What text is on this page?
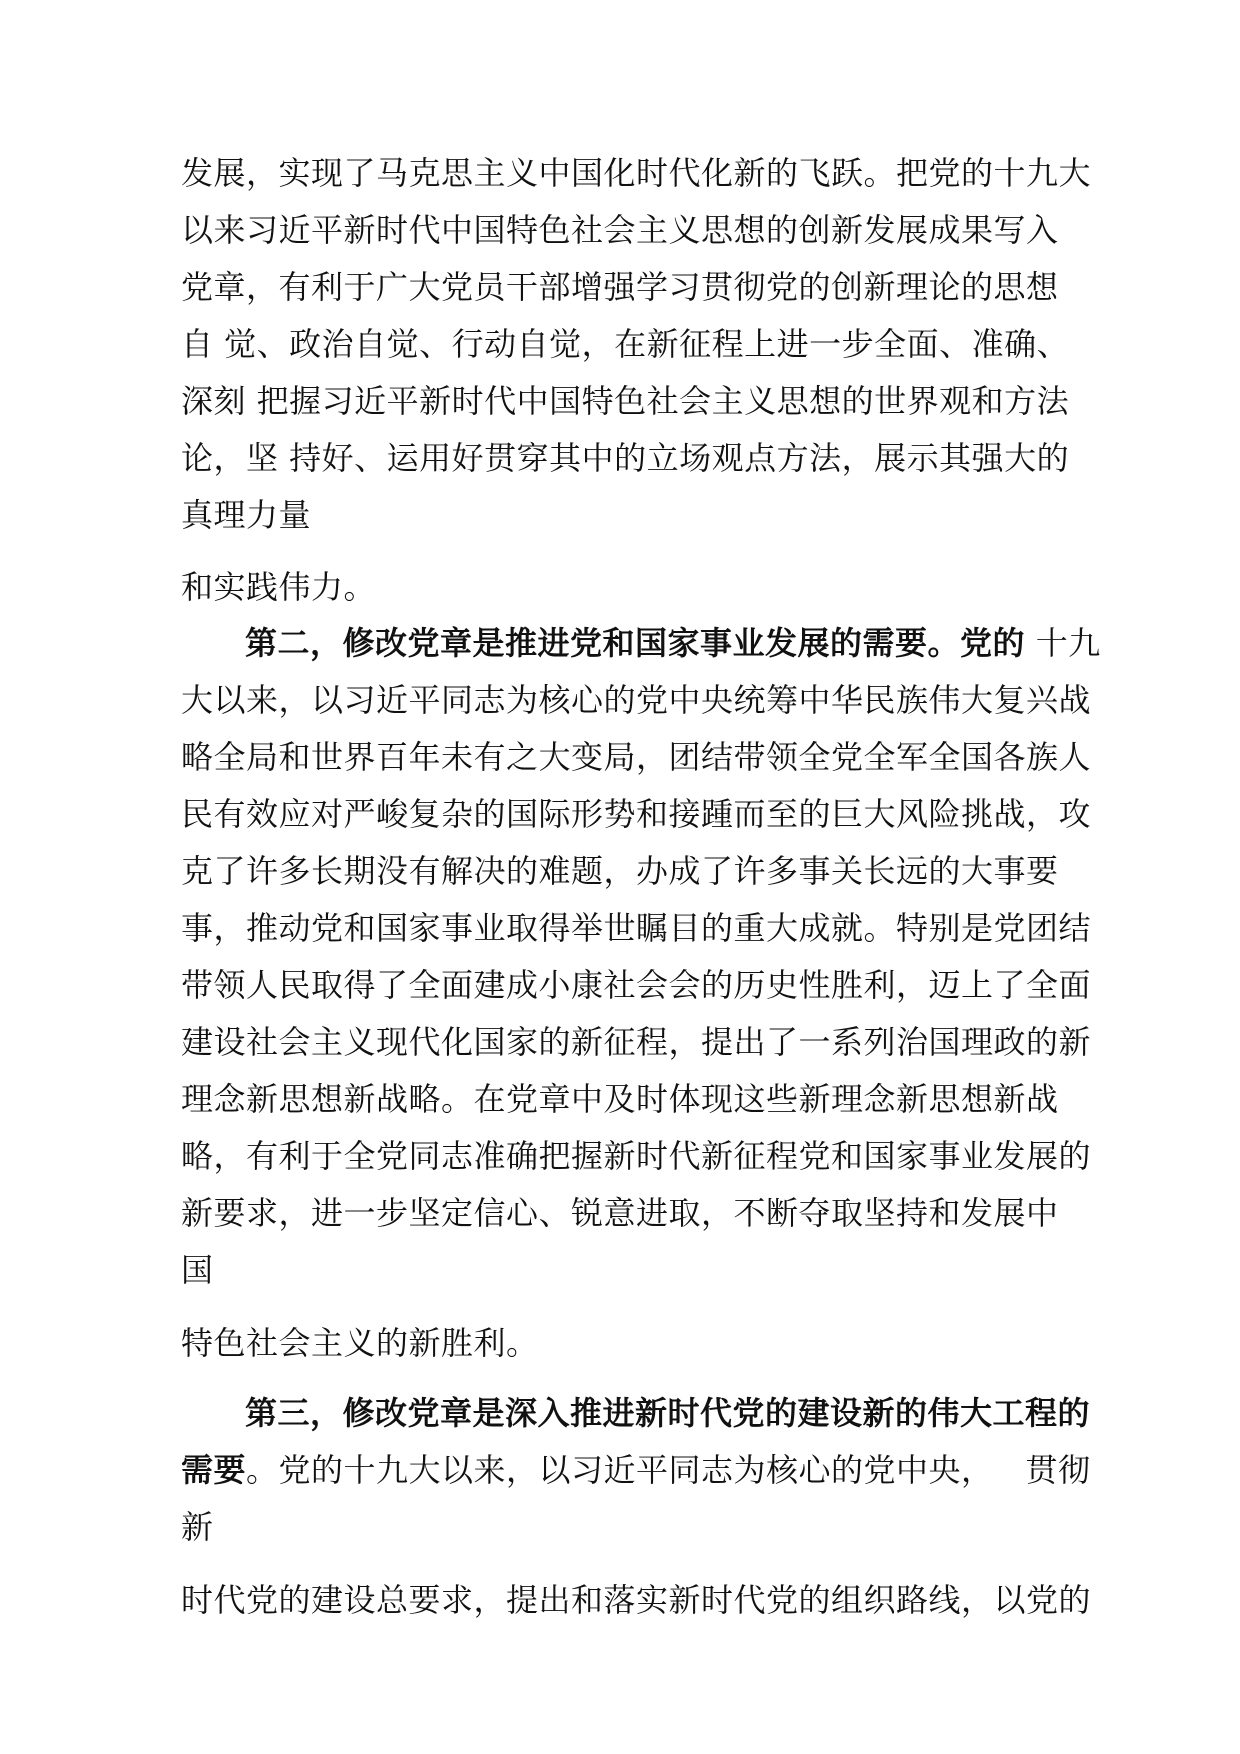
发展，实现了马克思主义中国化时代化新的飞跃。把党的十九大
以来习近平新时代中国特色社会主义思想的创新发展成果写入
党章，有利于广大党员干部增强学习贯彻党的创新理论的思想
自 觉、政治自觉、行动自觉，在新征程上进一步全面、准确、
深刻 把握习近平新时代中国特色社会主义思想的世界观和方法
论，坚 持好、运用好贯穿其中的立场观点方法，展示其强大的
真理力量
和实践伟力。
第二，修改党章是推进党和国家事业发展的需要。党的 十九
大以来，以习近平同志为核心的党中央统筹中华民族伟大复兴战
略全局和世界百年未有之大变局，团结带领全党全军全国各族人
民有效应对严峻复杂的国际形势和接踵而至的巨大风险挑战，攻
克了许多长期没有解决的难题，办成了许多事关长远的大事要
事，推动党和国家事业取得举世瞩目的重大成就。特别是党团结
带领人民取得了全面建成小康社会会的历史性胜利，迈上了全面
建设社会主义现代化国家的新征程，提出了一系列治国理政的新
理念新思想新战略。在党章中及时体现这些新理念新思想新战
略，有利于全党同志准确把握新时代新征程党和国家事业发展的
新要求，进一步坚定信心、锐意进取，不断夺取坚持和发展中
国
特色社会主义的新胜利。
第三，修改党章是深入推进新时代党的建设新的伟大工程的
需要。党的十九大以来，以习近平同志为核心的党中央，   贯彻
新
时代党的建设总要求，提出和落实新时代党的组织路线，以党的
